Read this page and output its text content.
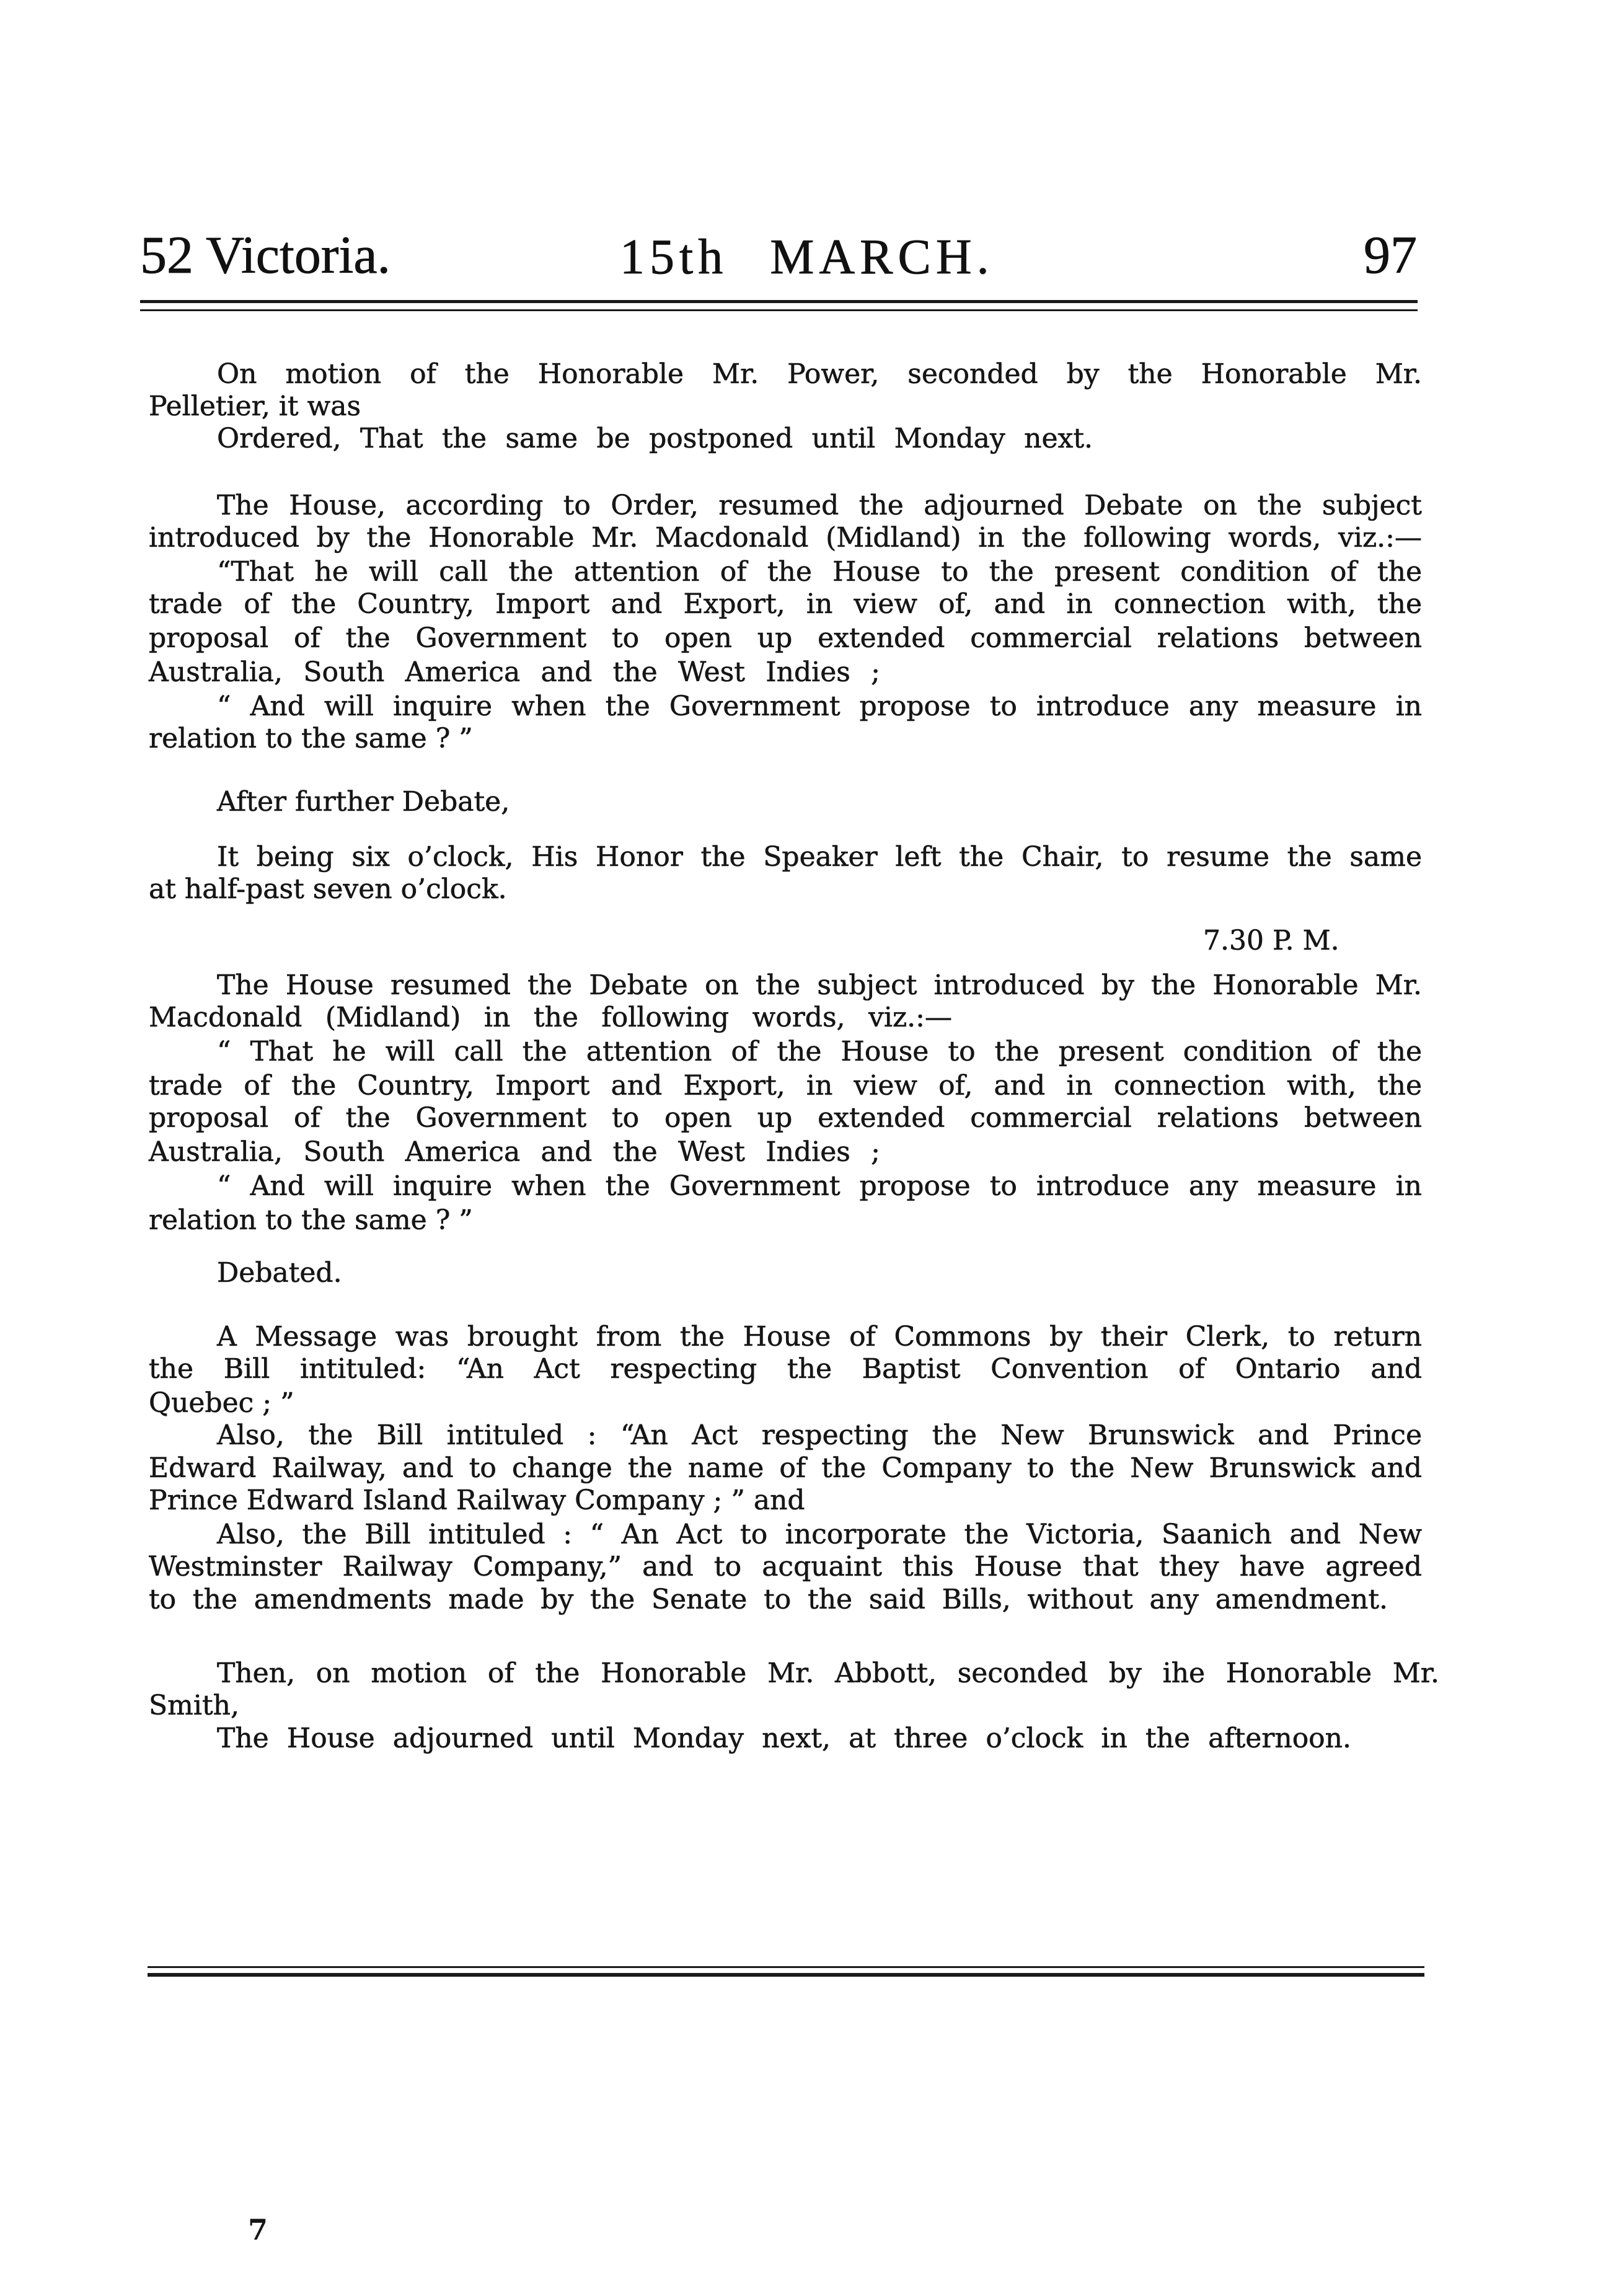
52 Victoria.	15th MARCH.	97
On motion of the Honorable Mr. Power, seconded by the Honorable Mr.
Pelletier, it was
Ordered, That the same be postponed until Monday next.
The House, according to Order, resumed the adjourned Debate on the subject
introduced by the Honorable Mr. Macdonald (Midland) in the following words, viz.:—
“That he will call the attention of the House to the present condition of the
trade of the Country, Import and Export, in view of, and in connection with, the
proposal of the Government to open up extended commercial relations between
Australia, South America and the West Indies ;
“ And will inquire when the Government propose to introduce any measure in
relation to the same ? ”
After further Debate,
It being six o’clock, His Honor the Speaker left the Chair, to resume the same
at half-past seven o’clock.
7.30 P. M.
The House resumed the Debate on the subject introduced by the Honorable Mr.
Macdonald (Midland) in the following words, viz.:—
“ That he will call the attention of the House to the present condition of the
trade of the Country, Import and Export, in view of, and in connection with, the
proposal of the Government to open up extended commercial relations between
Australia, South America and the West Indies ;
“ And will inquire when the Government propose to introduce any measure in
relation to the same ? ”
Debated.
A Message was brought from the House of Commons by their Clerk, to return
the Bill intituled: “An Act respecting the Baptist Convention of Ontario and
Quebec ; ”
Also, the Bill intituled : “An Act respecting the New Brunswick and Prince
Edward Railway, and to change the name of the Company to the New Brunswick and
Prince Edward Island Railway Company ; ” and
Also, the Bill intituled : “ An Act to incorporate the Victoria, Saanich and New
Westminster Railway Company,” and to acquaint this House that they have agreed
to the amendments made by the Senate to the said Bills, without any amendment.
Then, on motion of the Honorable Mr. Abbott, seconded by ihe Honorable Mr.
Smith,
The House adjourned until Monday next, at three o’clock in the afternoon.
7
